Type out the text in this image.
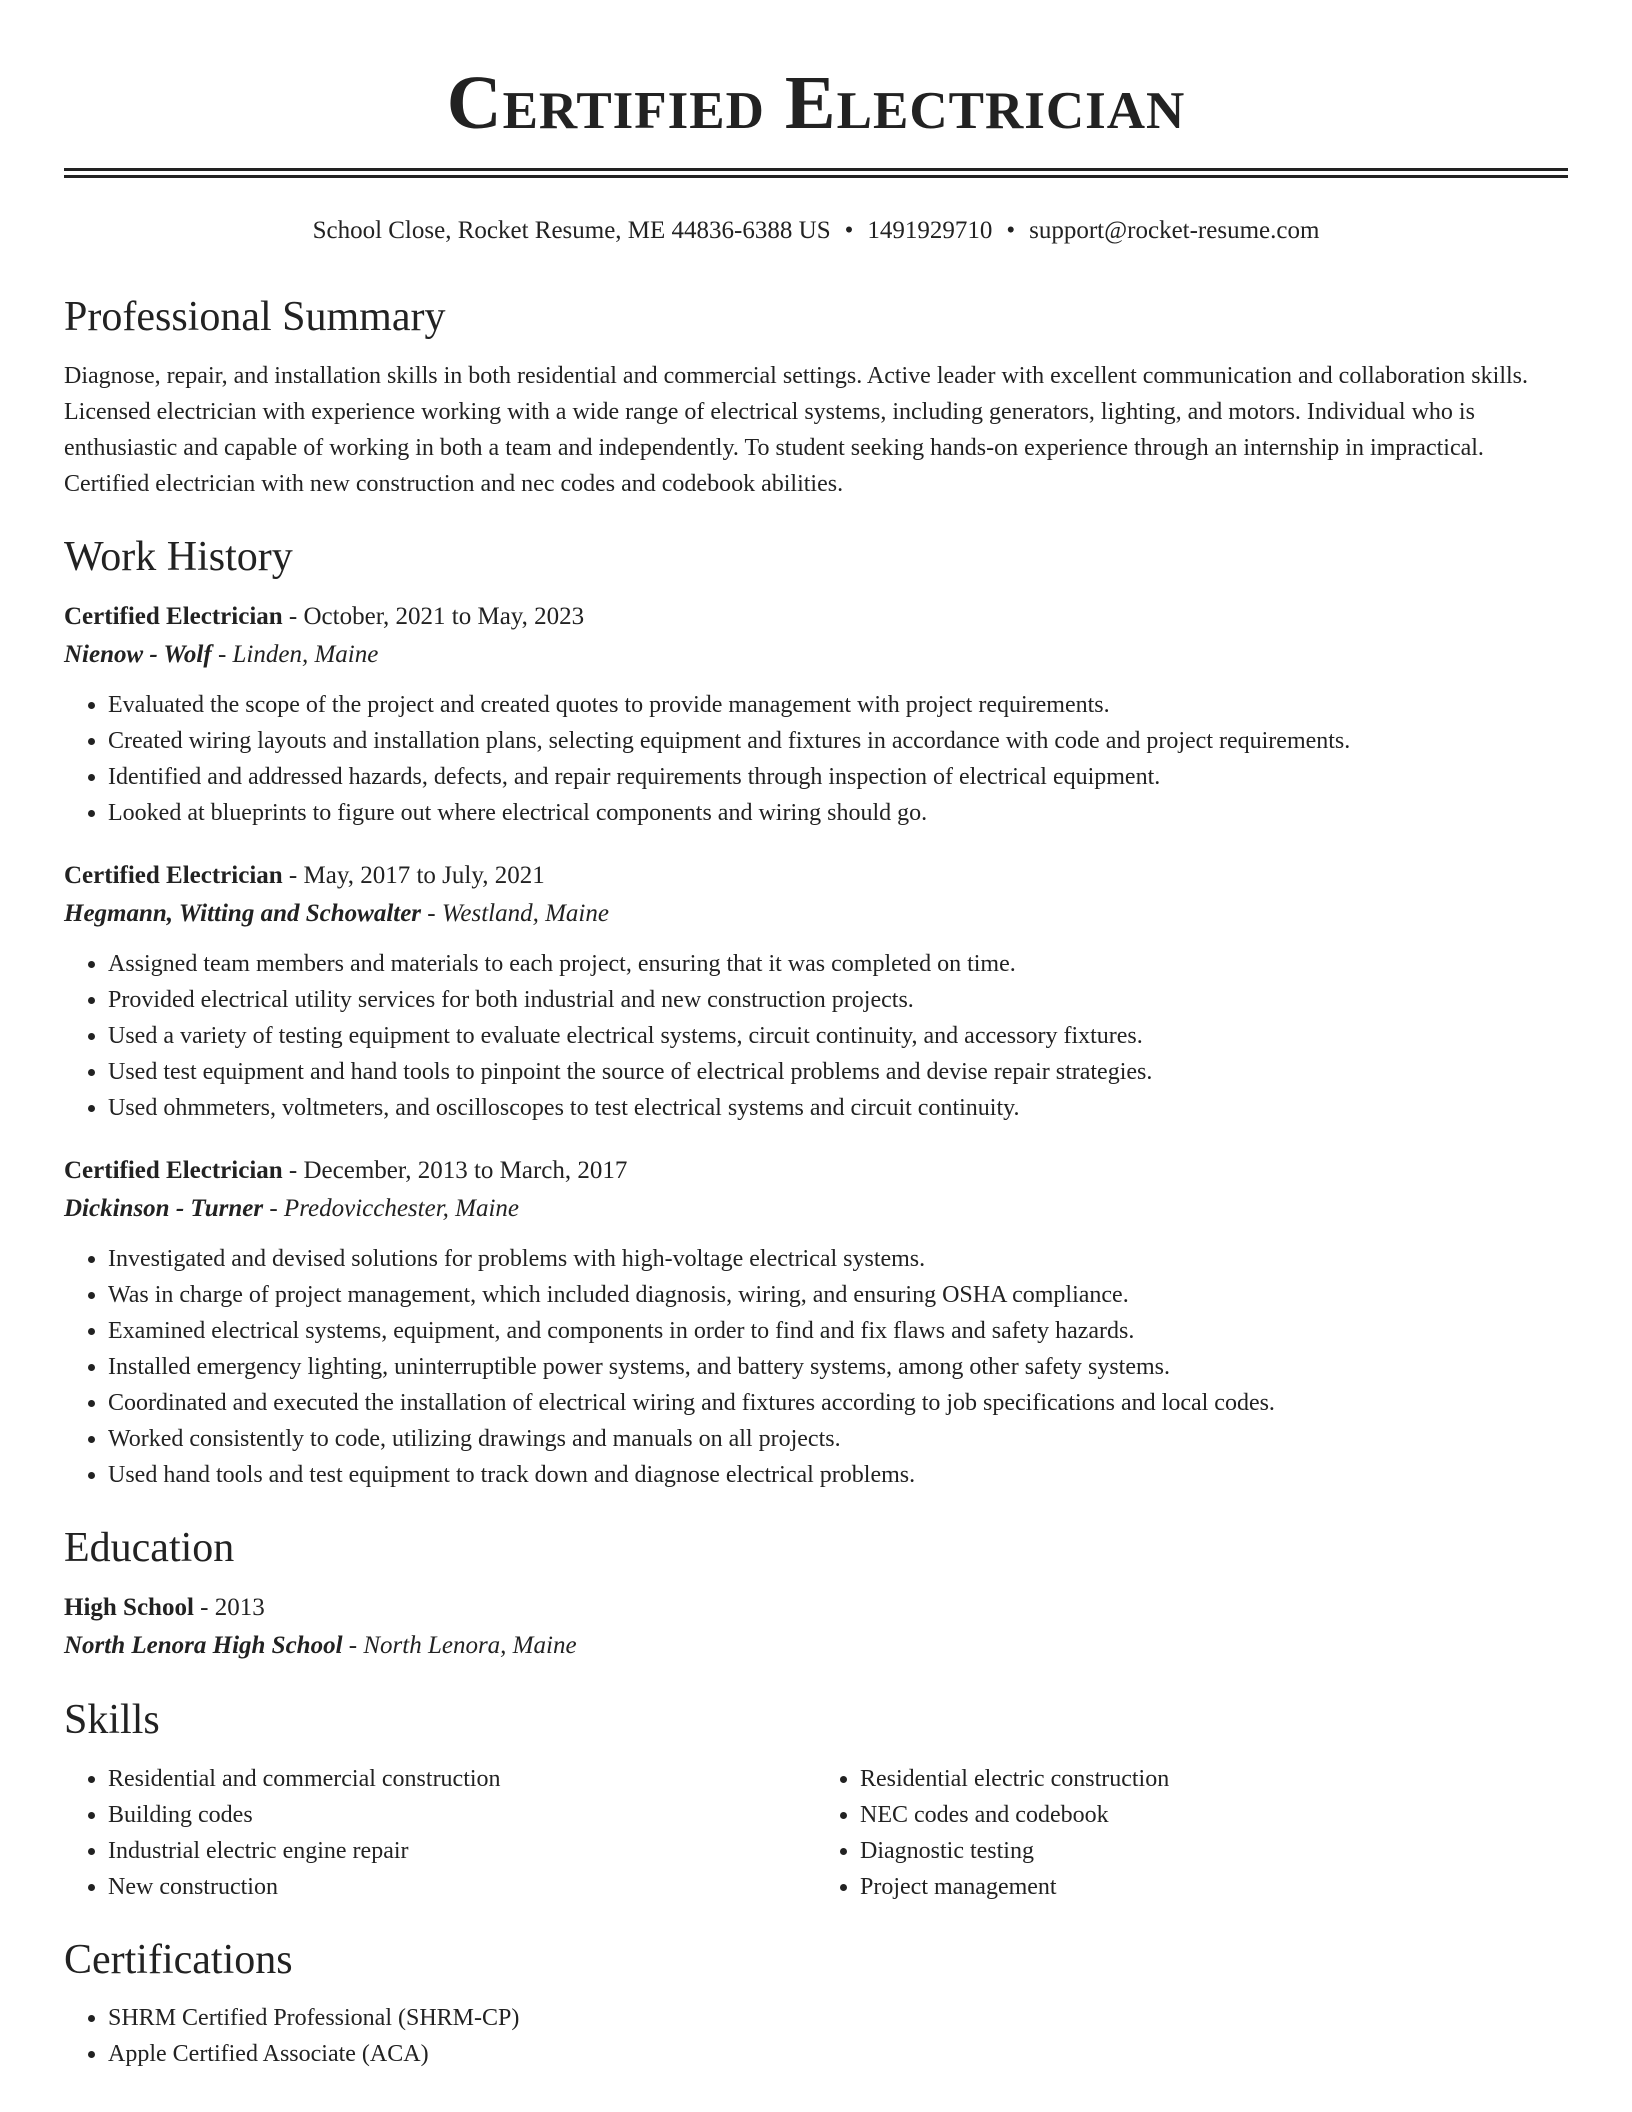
Certified Electrician
School Close, Rocket Resume, ME 44836-6388 US • 1491929710 • support@rocket-resume.com
Professional Summary

Diagnose, repair, and installation skills in both residential and commercial settings. Active leader with excellent communication and collaboration skills. Licensed electrician with experience working with a wide range of electrical systems, including generators, lighting, and motors. Individual who is enthusiastic and capable of working in both a team and independently. To student seeking hands-on experience through an internship in impractical. Certified electrician with new construction and nec codes and codebook abilities.

Work History
Certified Electrician - October, 2021 to May, 2023
Nienow - Wolf - Linden, Maine
• Evaluated the scope of the project and created quotes to provide management with project requirements.
• Created wiring layouts and installation plans, selecting equipment and fixtures in accordance with code and project requirements.
• Identified and addressed hazards, defects, and repair requirements through inspection of electrical equipment.
• Looked at blueprints to figure out where electrical components and wiring should go.
Certified Electrician - May, 2017 to July, 2021
Hegmann, Witting and Schowalter - Westland, Maine
• Assigned team members and materials to each project, ensuring that it was completed on time.
• Provided electrical utility services for both industrial and new construction projects.
• Used a variety of testing equipment to evaluate electrical systems, circuit continuity, and accessory fixtures.
• Used test equipment and hand tools to pinpoint the source of electrical problems and devise repair strategies.
• Used ohmmeters, voltmeters, and oscilloscopes to test electrical systems and circuit continuity.
Certified Electrician - December, 2013 to March, 2017
Dickinson - Turner - Predovicchester, Maine
• Investigated and devised solutions for problems with high-voltage electrical systems.
• Was in charge of project management, which included diagnosis, wiring, and ensuring OSHA compliance.
• Examined electrical systems, equipment, and components in order to find and fix flaws and safety hazards.
• Installed emergency lighting, uninterruptible power systems, and battery systems, among other safety systems.
• Coordinated and executed the installation of electrical wiring and fixtures according to job specifications and local codes.
• Worked consistently to code, utilizing drawings and manuals on all projects.
• Used hand tools and test equipment to track down and diagnose electrical problems.
Education
High School - 2013
North Lenora High School - North Lenora, Maine
Skills
• Residential and commercial construction
• Building codes
• Industrial electric engine repair
• New construction
• Residential electric construction
• NEC codes and codebook
• Diagnostic testing
• Project management
Certifications
• SHRM Certified Professional (SHRM-CP)
• Apple Certified Associate (ACA)
